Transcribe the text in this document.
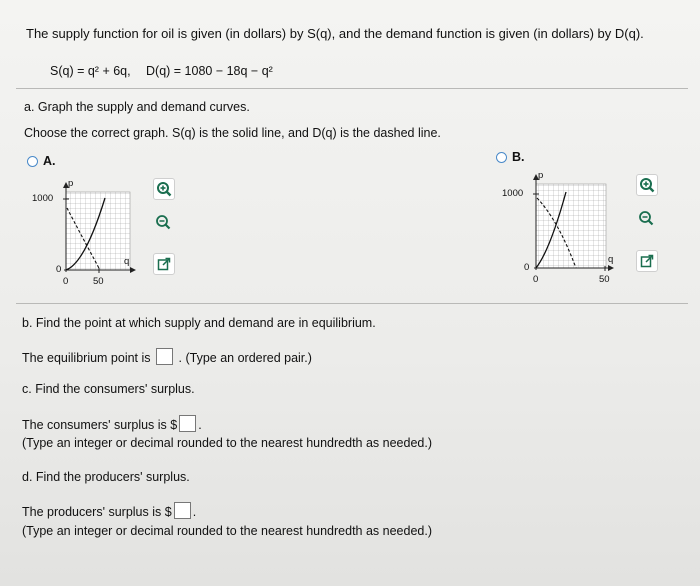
The supply function for oil is given (in dollars) by S(q), and the demand function is given (in dollars) by D(q).
S(q) = q² + 6q, D(q) = 1080 − 18q − q²
a. Graph the supply and demand curves.
Choose the correct graph. S(q) is the solid line, and D(q) is the dashed line.
A.
p
1000
0
0
q
50
B.
p
1000
0
0
q
50
b. Find the point at which supply and demand are in equilibrium.
The equilibrium point is . (Type an ordered pair.)
c. Find the consumers' surplus.
The consumers' surplus is $ .
(Type an integer or decimal rounded to the nearest hundredth as needed.)
d. Find the producers' surplus.
The producers' surplus is $ .
(Type an integer or decimal rounded to the nearest hundredth as needed.)
